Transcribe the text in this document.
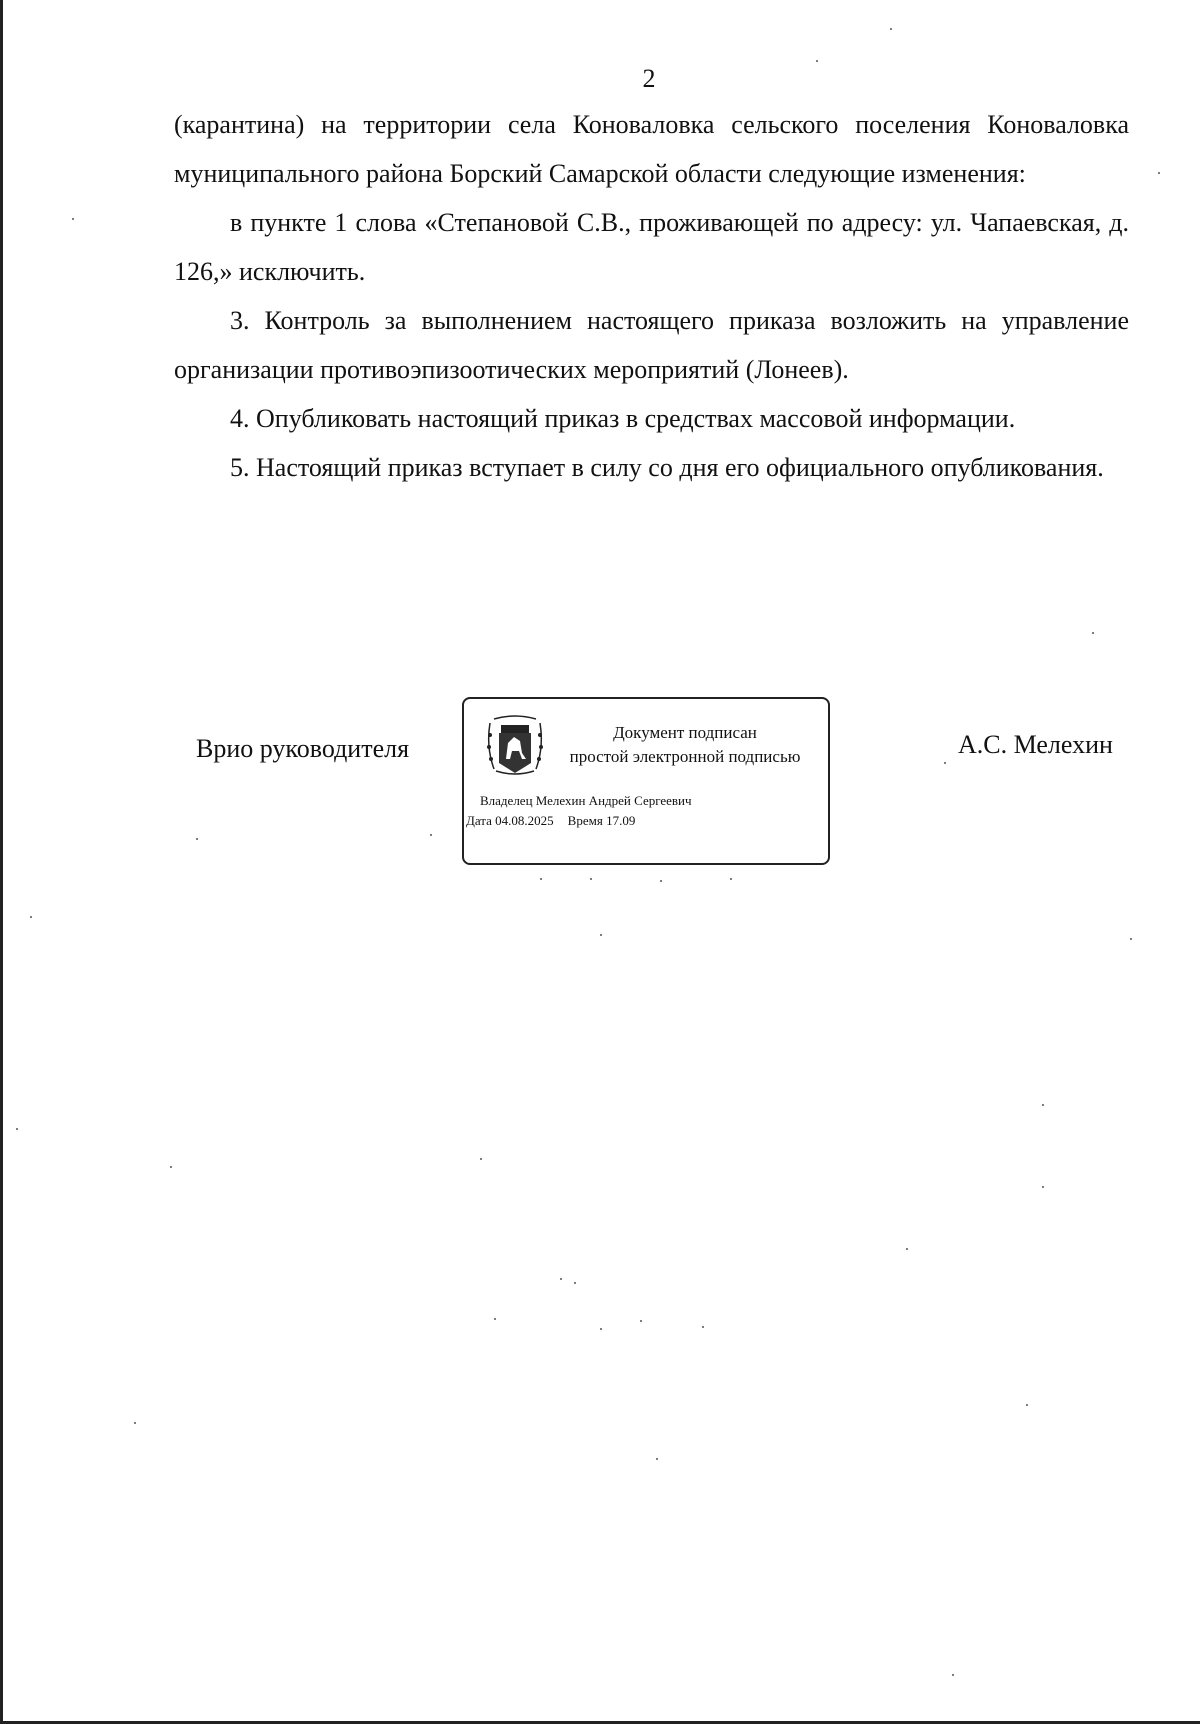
2

(карантина) на территории села Коноваловка сельского поселения Коноваловка муниципального района Борский Самарской области следующие изменения:

в пункте 1 слова «Степановой С.В., проживающей по адресу: ул. Чапаевская, д. 126,» исключить.

3. Контроль за выполнением настоящего приказа возложить на управление организации противоэпизоотических мероприятий (Лонеев).

4. Опубликовать настоящий приказ в средствах массовой информации.

5. Настоящий приказ вступает в силу со дня его официального опубликования.

Врио руководителя
Документ подписан
простой электронной подписью
Владелец Мелехин Андрей Сергеевич
Дата 04.08.2025 Время 17.09
А.С. Мелехин
